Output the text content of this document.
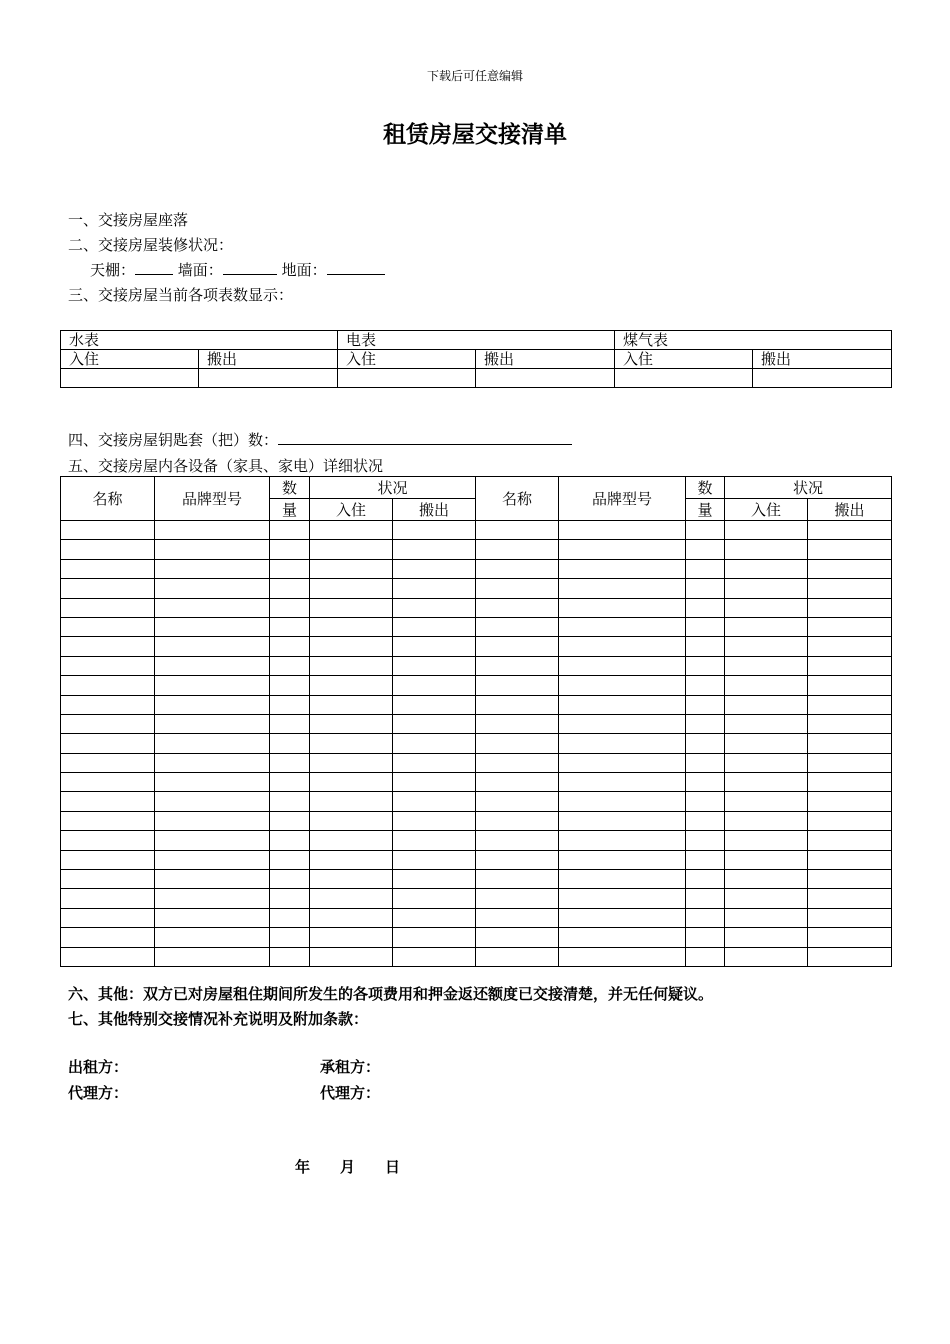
下载后可任意编辑
租赁房屋交接清单
一、交接房屋座落
二、交接房屋装修状况：
天棚：	墙面：	地面：
三、交接房屋当前各项表数显示：
水表		电表		煤气表	
入住	搬出	入住	搬出	入住	搬出

四、交接房屋钥匙套（把）数：
五、交接房屋内各设备（家具、家电）详细状况
名称	品牌型号	数	状况		名称	品牌型号	数	状况	
		量	入住	搬出			量	入住	搬出

六、其他：双方已对房屋租住期间所发生的各项费用和押金返还额度已交接清楚，并无任何疑议。
七、其他特别交接情况补充说明及附加条款：
出租方：	承租方：
代理方：	代理方：
年 月 日
